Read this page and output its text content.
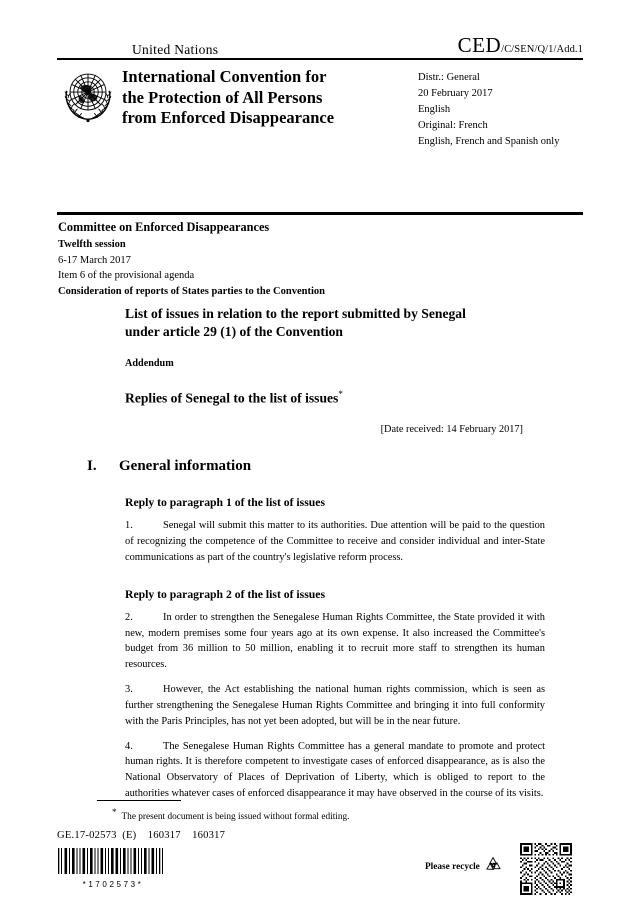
United Nations	CED/C/SEN/Q/1/Add.1
International Convention for
the Protection of All Persons
from Enforced Disappearance
Distr.: General
20 February 2017
English
Original: French
English, French and Spanish only
Committee on Enforced Disappearances
Twelfth session
6-17 March 2017
Item 6 of the provisional agenda
Consideration of reports of States parties to the Convention
List of issues in relation to the report submitted by Senegal
under article 29 (1) of the Convention
Addendum
Replies of Senegal to the list of issues*
[Date received: 14 February 2017]
I.	General information
Reply to paragraph 1 of the list of issues

1.	Senegal will submit this matter to its authorities. Due attention will be paid to the question of recognizing the competence of the Committee to receive and consider individual and inter-State communications as part of the country's legislative reform process.

Reply to paragraph 2 of the list of issues

2.	In order to strengthen the Senegalese Human Rights Committee, the State provided it with new, modern premises some four years ago at its own expense. It also increased the Committee's budget from 36 million to 50 million, enabling it to recruit more staff to strengthen its human resources.

3.	However, the Act establishing the national human rights commission, which is seen as further strengthening the Senegalese Human Rights Committee and bringing it into full conformity with the Paris Principles, has not yet been adopted, but will be in the near future.

4.	The Senegalese Human Rights Committee has a general mandate to promote and protect human rights. It is therefore competent to investigate cases of enforced disappearance, as is also the National Observatory of Places of Deprivation of Liberty, which is obliged to report to the authorities whatever cases of enforced disappearance it may have observed in the course of its visits.

*The present document is being issued without formal editing.
GE.17-02573  (E)    160317    160317
*1702573*
Please recycle
